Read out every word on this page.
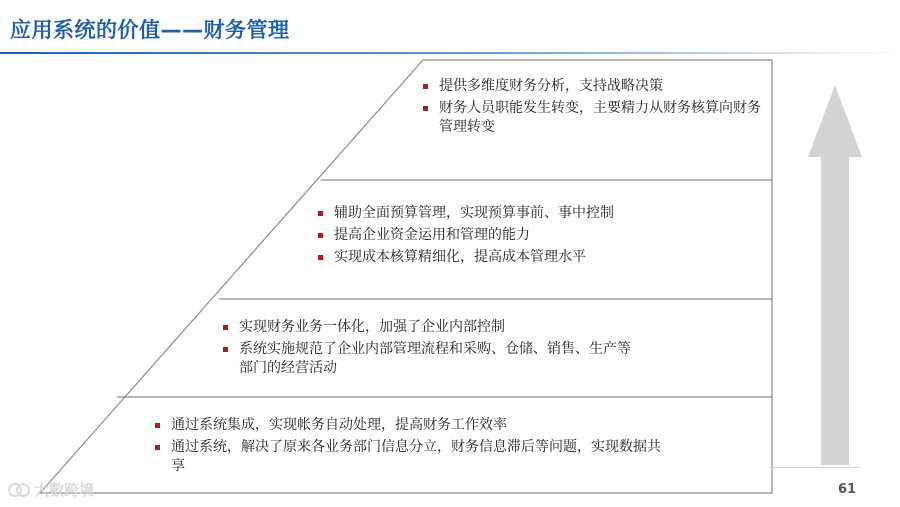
应用系统的价值——财务管理
提供多维度财务分析，支持战略决策
财务人员职能发生转变，主要精力从财务核算向财务管理转变
辅助全面预算管理，实现预算事前、事中控制
提高企业资金运用和管理的能力
实现成本核算精细化，提高成本管理水平
实现财务业务一体化，加强了企业内部控制
系统实施规范了企业内部管理流程和采购、仓储、销售、生产等部门的经营活动
通过系统集成，实现帐务自动处理，提高财务工作效率
通过系统，解决了原来各业务部门信息分立，财务信息滞后等问题，实现数据共享
61
大數跨境
